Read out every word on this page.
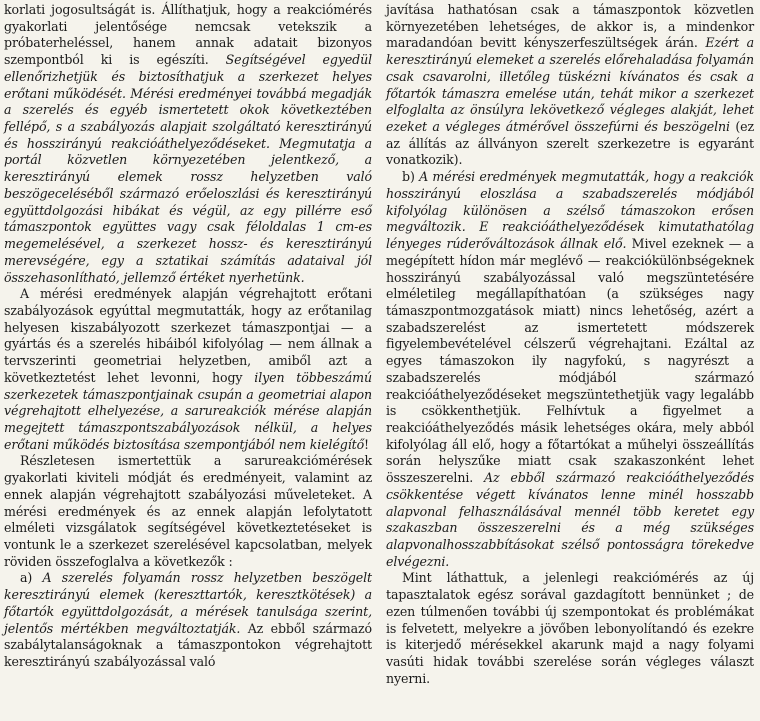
korlati jogosultságát is. Állíthatjuk, hogy a reakciómérés gyakorlati jelentősége nemcsak vetekszik a próbaterheléssel, hanem annak adatait bizonyos szempontból ki is egészíti. Segítségével egyedül ellenőrizhetjük és biztosíthatjuk a szerkezet helyes erőtani működését. Mérési eredményei továbbá megadják a szerelés és egyéb ismertetett okok következtében fellépő, s a szabályozás alapjait szolgáltató keresztirányú és hosszirányú reakcióáthelyeződéseket. Megmutatja a portál közvetlen környezetében jelentkező, a keresztirányú elemek rossz helyzetben való beszögeceléséből származó erőeloszlási és keresztirányú együttdolgozási hibákat és végül, az egy pillérre eső támaszpontok együttes vagy csak féloldalas 1 cm-es megemelésével, a szerkezet hossz- és keresztirányú merevségére, egy a sztatikai számítás adataival jól összehasonlítható, jellemző értéket nyerhetünk.

A mérési eredmények alapján végrehajtott erőtani szabályozások egyúttal megmutatták, hogy az erőtanilag helyesen kiszabályozott szerkezet támaszpontjai — a gyártás és a szerelés hibáiból kifolyólag — nem állnak a tervszerinti geometriai helyzetben, amiből azt a következtetést lehet levonni, hogy ilyen többeszámú szerkezetek támaszpontjainak csupán a geometriai alapon végrehajtott elhelyezése, a sarureakciók mérése alapján megejtett támaszpontszabályozások nélkül, a helyes erőtani működés biztosítása szempontjából nem kielégítő!

Részletesen ismertettük a sarureakciómérések gyakorlati kiviteli módját és eredményeit, valamint az ennek alapján végrehajtott szabályozási műveleteket. A mérési eredmények és az ennek alapján lefolytatott elméleti vizsgálatok segítségével következtetéseket is vontunk le a szerkezet szerelésével kapcsolatban, melyek röviden összefoglalva a következők :

a) A szerelés folyamán rossz helyzetben beszögelt keresztirányú elemek (kereszttartók, keresztkötések) a főtartók együttdolgozását, a mérések tanulsága szerint, jelentős mértékben megváltoztatják. Az ebből származó szabálytalanságoknak a támaszpontokon végrehajtott keresztirányú szabályozással való

javítása hathatósan csak a támaszpontok közvetlen környezetében lehetséges, de akkor is, a mindenkor maradandóan bevitt kényszerfeszültségek árán. Ezért a keresztirányú elemeket a szerelés előrehaladása folyamán csak csavarolni, illetőleg tüskézni kívánatos és csak a főtartók támaszra emelése után, tehát mikor a szerkezet elfoglalta az önsúlyra lekövetkező végleges alakját, lehet ezeket a végleges átmérővel összefúrni és beszögelni (ez az állítás az állványon szerelt szerkezetre is egyaránt vonatkozik).

b) A mérési eredmények megmutatták, hogy a reakciók hosszirányú eloszlása a szabadszerelés módjából kifolyólag különösen a szélső támaszokon erősen megváltozik. E reakcióáthelyeződések kimutathatólag lényeges rúderőváltozások állnak elő. Mivel ezeknek — a megépített hídon már meglévő — reakciókülönbségeknek hosszirányú szabályozással való megszüntetésére elméletileg megállapíthatóan (a szükséges nagy támaszpontmozgatások miatt) nincs lehetőség, azért a szabadszerelést az ismertetett módszerek figyelembevételével célszerű végrehajtani. Ezáltal az egyes támaszokon ily nagyfokú, s nagyrészt a szabadszerelés módjából származó reakcióáthelyeződéseket megszüntethetjük vagy legalább is csökkenthetjük. Felhívtuk a figyelmet a reakcióáthelyeződés másik lehetséges okára, mely abból kifolyólag áll elő, hogy a főtartókat a műhelyi összeállítás során helyszűke miatt csak szakaszonként lehet összeszerelni. Az ebből származó reakcióáthelyeződés csökkentése végett kívánatos lenne minél hosszabb alapvonal felhasználásával mennél több keretet egy szakaszban összeszerelni és a még szükséges alapvonalhosszabbításokat szélső pontosságra törekedve elvégezni.

Mint láthattuk, a jelenlegi reakciómérés az új tapasztalatok egész sorával gazdagított bennünket ; de ezen túlmenően további új szempontokat és problémákat is felvetett, melyekre a jövőben lebonyolítandó és ezekre is kiterjedő mérésekkel akarunk majd a nagy folyami vasúti hidak további szerelése során végleges választ nyerni.
